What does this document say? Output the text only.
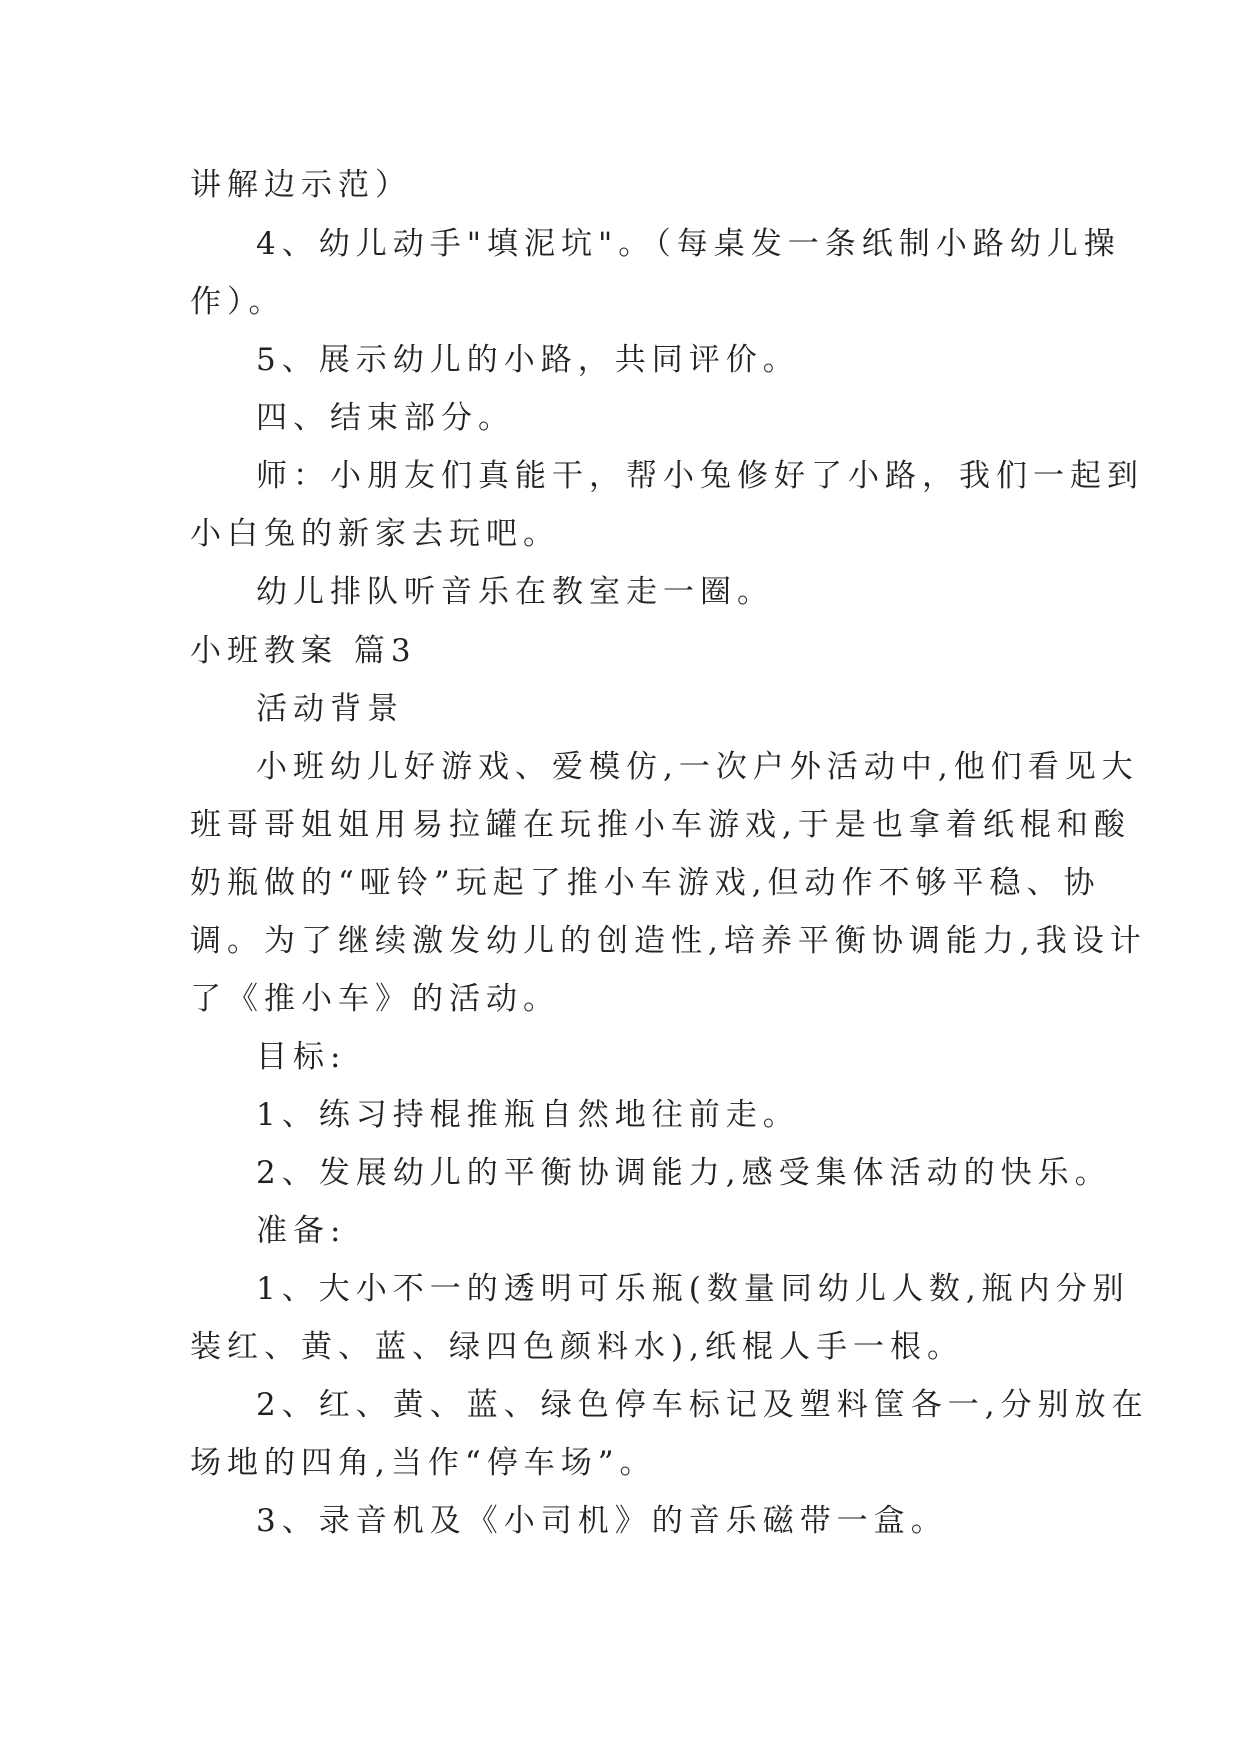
讲解边示范）
4、幼儿动手"填泥坑"。（每桌发一条纸制小路幼儿操
作）。
5、展示幼儿的小路，共同评价。
四、结束部分。
师：小朋友们真能干，帮小兔修好了小路，我们一起到
小白兔的新家去玩吧。
幼儿排队听音乐在教室走一圈。
小班教案 篇3
活动背景
小班幼儿好游戏、爱模仿,一次户外活动中,他们看见大
班哥哥姐姐用易拉罐在玩推小车游戏,于是也拿着纸棍和酸
奶瓶做的“哑铃”玩起了推小车游戏,但动作不够平稳、协
调。为了继续激发幼儿的创造性,培养平衡协调能力,我设计
了《推小车》的活动。
目标:
1、练习持棍推瓶自然地往前走。
2、发展幼儿的平衡协调能力,感受集体活动的快乐。
准备:
1、大小不一的透明可乐瓶(数量同幼儿人数,瓶内分别
装红、黄、蓝、绿四色颜料水),纸棍人手一根。
2、红、黄、蓝、绿色停车标记及塑料筐各一,分别放在
场地的四角,当作“停车场”。
3、录音机及《小司机》的音乐磁带一盒。
